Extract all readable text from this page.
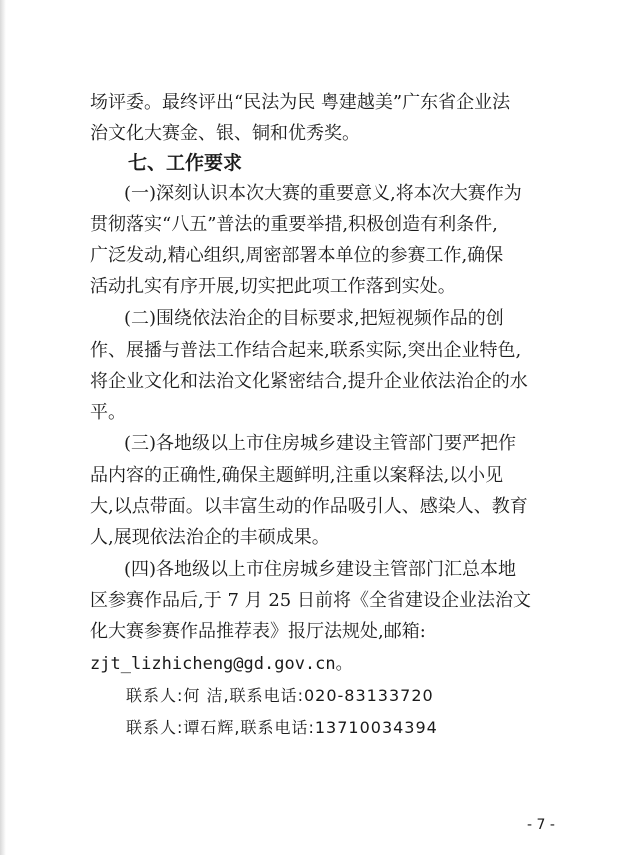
场评委。最终评出“民法为民 粤建越美”广东省企业法
治文化大赛金、银、铜和优秀奖。
七、工作要求
(一)深刻认识本次大赛的重要意义,将本次大赛作为
贯彻落实“八五”普法的重要举措,积极创造有利条件,
广泛发动,精心组织,周密部署本单位的参赛工作,确保
活动扎实有序开展,切实把此项工作落到实处。
(二)围绕依法治企的目标要求,把短视频作品的创
作、展播与普法工作结合起来,联系实际,突出企业特色,
将企业文化和法治文化紧密结合,提升企业依法治企的水
平。
(三)各地级以上市住房城乡建设主管部门要严把作
品内容的正确性,确保主题鲜明,注重以案释法,以小见
大,以点带面。以丰富生动的作品吸引人、感染人、教育
人,展现依法治企的丰硕成果。
(四)各地级以上市住房城乡建设主管部门汇总本地
区参赛作品后,于 7 月 25 日前将《全省建设企业法治文
化大赛参赛作品推荐表》报厅法规处,邮箱:
zjt_lizhicheng@gd.gov.cn。
联系人:何 洁,联系电话:020-83133720
联系人:谭石辉,联系电话:13710034394
- 7 -
